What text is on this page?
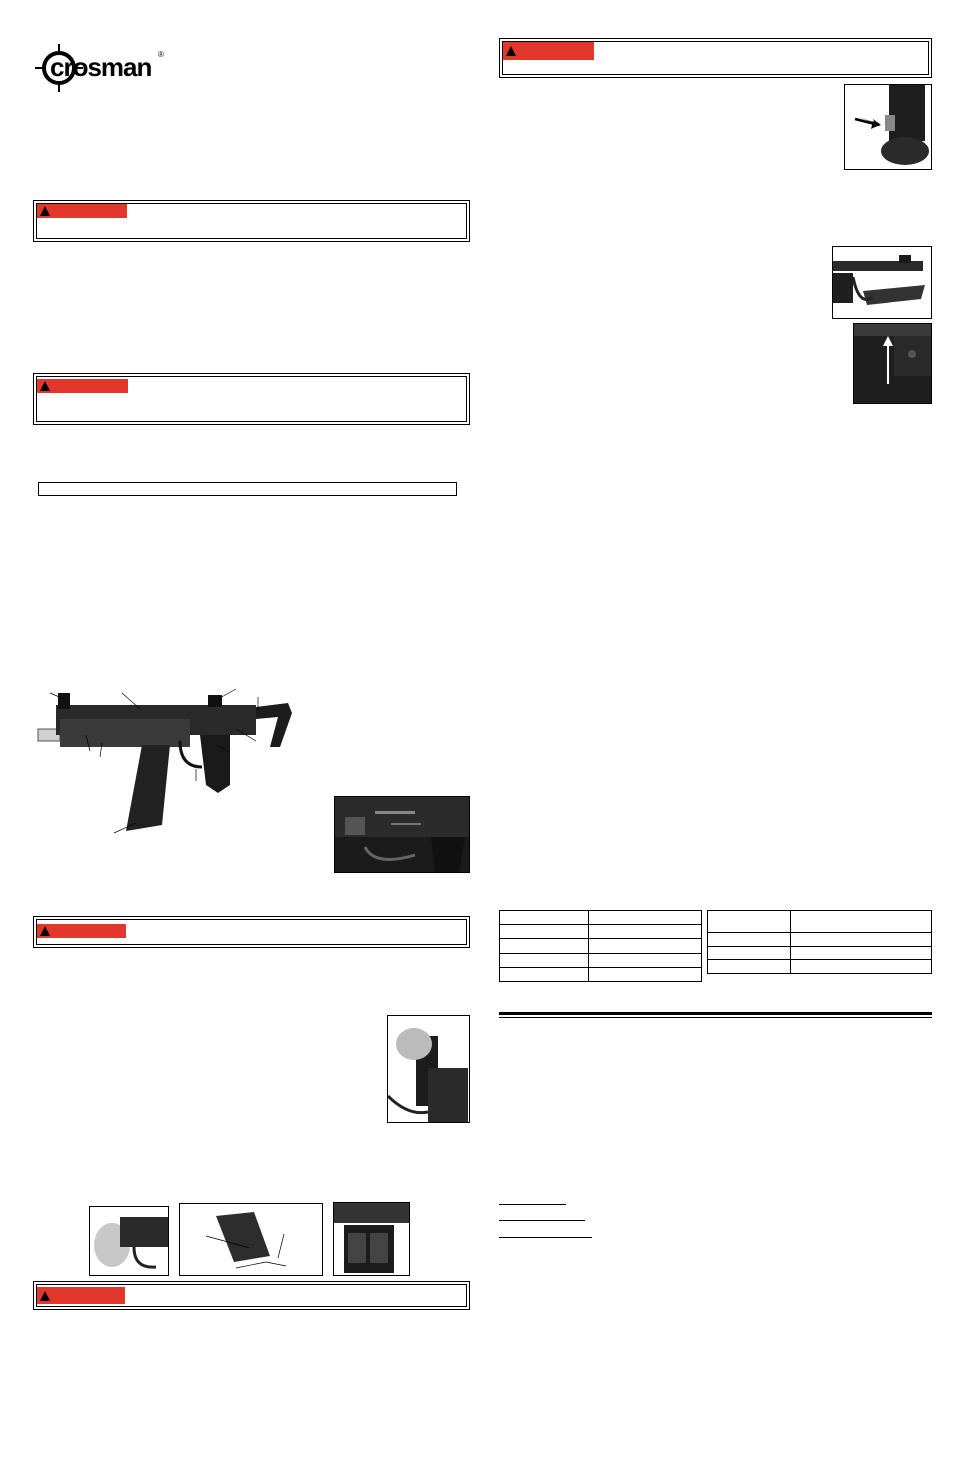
crosman ®
